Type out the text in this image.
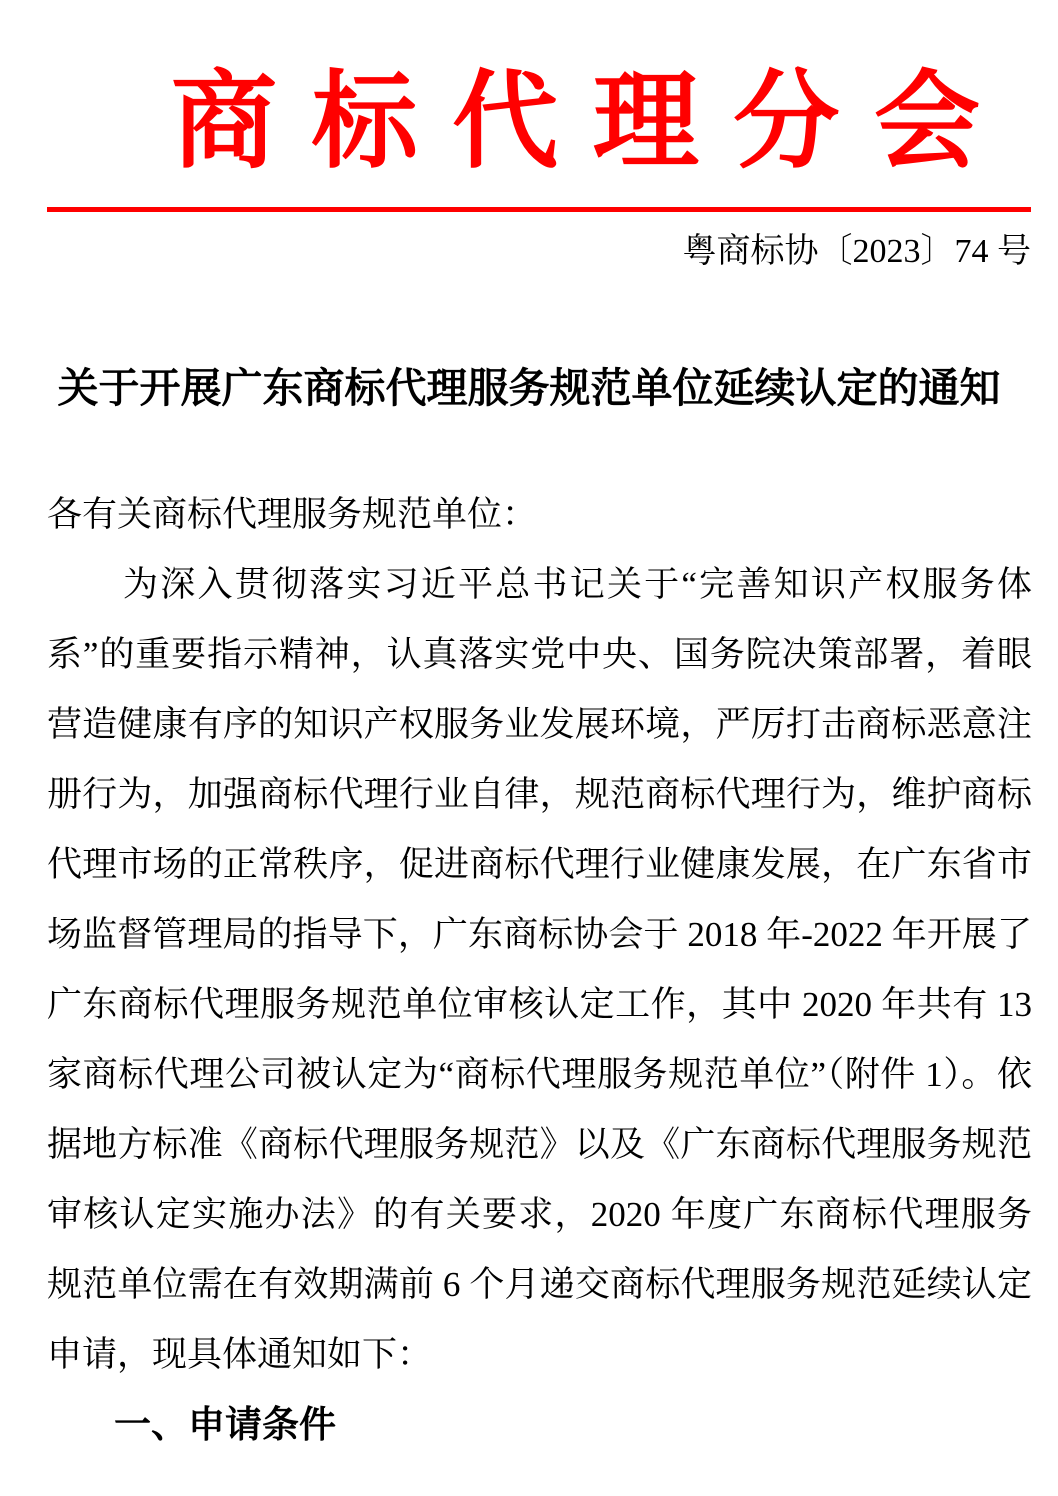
商 标 代 理 分 会
粤商标协〔2023〕74 号
关于开展广东商标代理服务规范单位延续认定的通知

各有关商标代理服务规范单位：

为深入贯彻落实习近平总书记关于“完善知识产权服务体系”的重要指示精神，认真落实党中央、国务院决策部署，着眼营造健康有序的知识产权服务业发展环境，严厉打击商标恶意注册行为，加强商标代理行业自律，规范商标代理行为，维护商标代理市场的正常秩序，促进商标代理行业健康发展，在广东省市场监督管理局的指导下，广东商标协会于 2018 年-2022 年开展了广东商标代理服务规范单位审核认定工作，其中 2020 年共有 13 家商标代理公司被认定为“商标代理服务规范单位”（附件 1）。依据地方标准《商标代理服务规范》以及《广东商标代理服务规范审核认定实施办法》的有关要求，2020 年度广东商标代理服务规范单位需在有效期满前 6 个月递交商标代理服务规范延续认定申请，现具体通知如下：

一、申请条件
